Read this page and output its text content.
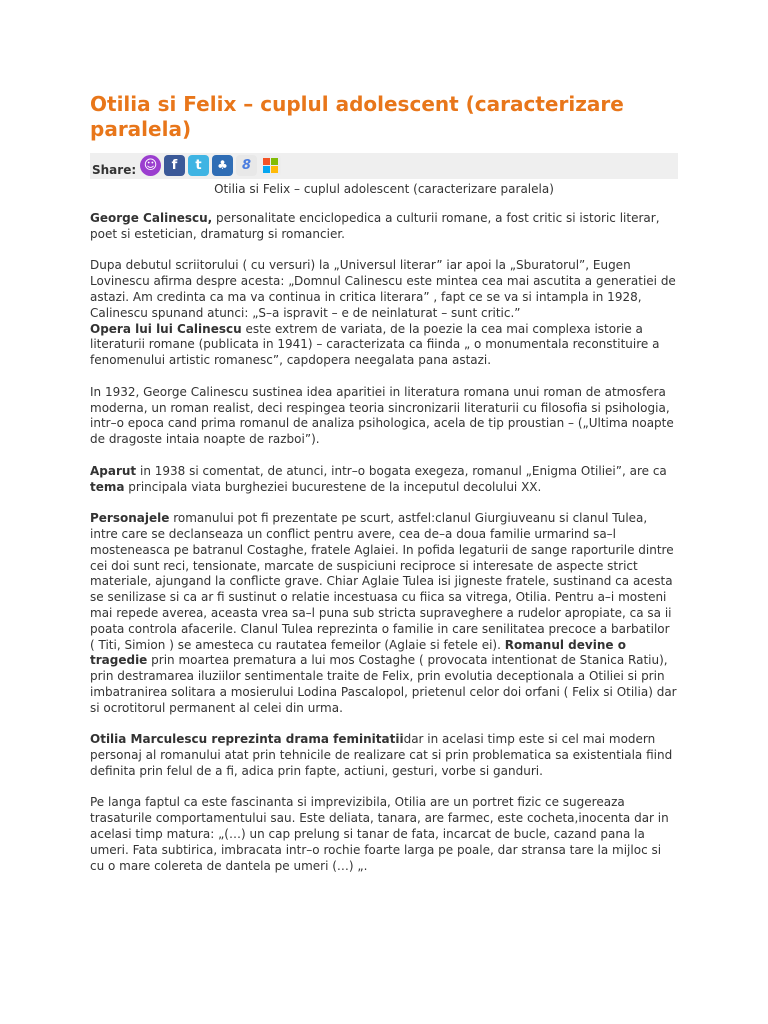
Otilia si Felix – cuplul adolescent (caracterizare paralela)
Share: ☺	f	t	♣	8
Otilia si Felix – cuplul adolescent (caracterizare paralela)

George Calinescu, personalitate enciclopedica a culturii romane, a fost critic si istoric literar, poet si estetician, dramaturg si romancier.

Dupa debutul scriitorului ( cu versuri) la „Universul literar” iar apoi la „Sburatorul”, Eugen Lovinescu afirma despre acesta: „Domnul Calinescu este mintea cea mai ascutita a generatiei de astazi. Am credinta ca ma va continua in critica literara” , fapt ce se va si intampla in 1928, Calinescu spunand atunci: „S–a ispravit – e de neinlaturat – sunt critic.”
Opera lui lui Calinescu este extrem de variata, de la poezie la cea mai complexa istorie a literaturii romane (publicata in 1941) – caracterizata ca fiinda „ o monumentala reconstituire a fenomenului artistic romanesc”, capdopera neegalata pana astazi.

In 1932, George Calinescu sustinea idea aparitiei in literatura romana unui roman de atmosfera moderna, un roman realist, deci respingea teoria sincronizarii literaturii cu filosofia si psihologia, intr–o epoca cand prima romanul de analiza psihologica, acela de tip proustian – („Ultima noapte de dragoste intaia noapte de razboi”).

Aparut in 1938 si comentat, de atunci, intr–o bogata exegeza, romanul „Enigma Otiliei”, are ca tema principala viata burgheziei bucurestene de la inceputul decolului XX.

Personajele romanului pot fi prezentate pe scurt, astfel:clanul Giurgiuveanu si clanul Tulea, intre care se declanseaza un conflict pentru avere, cea de–a doua familie urmarind sa–l mosteneasca pe batranul Costaghe, fratele Aglaiei. In pofida legaturii de sange raporturile dintre cei doi sunt reci, tensionate, marcate de suspiciuni reciproce si interesate de aspecte strict materiale, ajungand la conflicte grave. Chiar Aglaie Tulea isi jigneste fratele, sustinand ca acesta se senilizase si ca ar fi sustinut o relatie incestuasa cu fiica sa vitrega, Otilia. Pentru a–i mosteni mai repede averea, aceasta vrea sa–l puna sub stricta supraveghere a rudelor apropiate, ca sa ii poata controla afacerile. Clanul Tulea reprezinta o familie in care senilitatea precoce a barbatilor ( Titi, Simion ) se amesteca cu rautatea femeilor (Aglaie si fetele ei). Romanul devine o tragedie prin moartea prematura a lui mos Costaghe ( provocata intentionat de Stanica Ratiu), prin destramarea iluziilor sentimentale traite de Felix, prin evolutia deceptionala a Otiliei si prin imbatranirea solitara a mosierului Lodina Pascalopol, prietenul celor doi orfani ( Felix si Otilia) dar si ocrotitorul permanent al celei din urma.

Otilia Marculescu reprezinta drama feminitatiidar in acelasi timp este si cel mai modern personaj al romanului atat prin tehnicile de realizare cat si prin problematica sa existentiala fiind definita prin felul de a fi, adica prin fapte, actiuni, gesturi, vorbe si ganduri.

Pe langa faptul ca este fascinanta si imprevizibila, Otilia are un portret fizic ce sugereaza trasaturile comportamentului sau. Este deliata, tanara, are farmec, este cocheta,inocenta dar in acelasi timp matura: „(…) un cap prelung si tanar de fata, incarcat de bucle, cazand pana la umeri. Fata subtirica, imbracata intr–o rochie foarte larga pe poale, dar stransa tare la mijloc si cu o mare coleretа de dantela pe umeri (…) „.
